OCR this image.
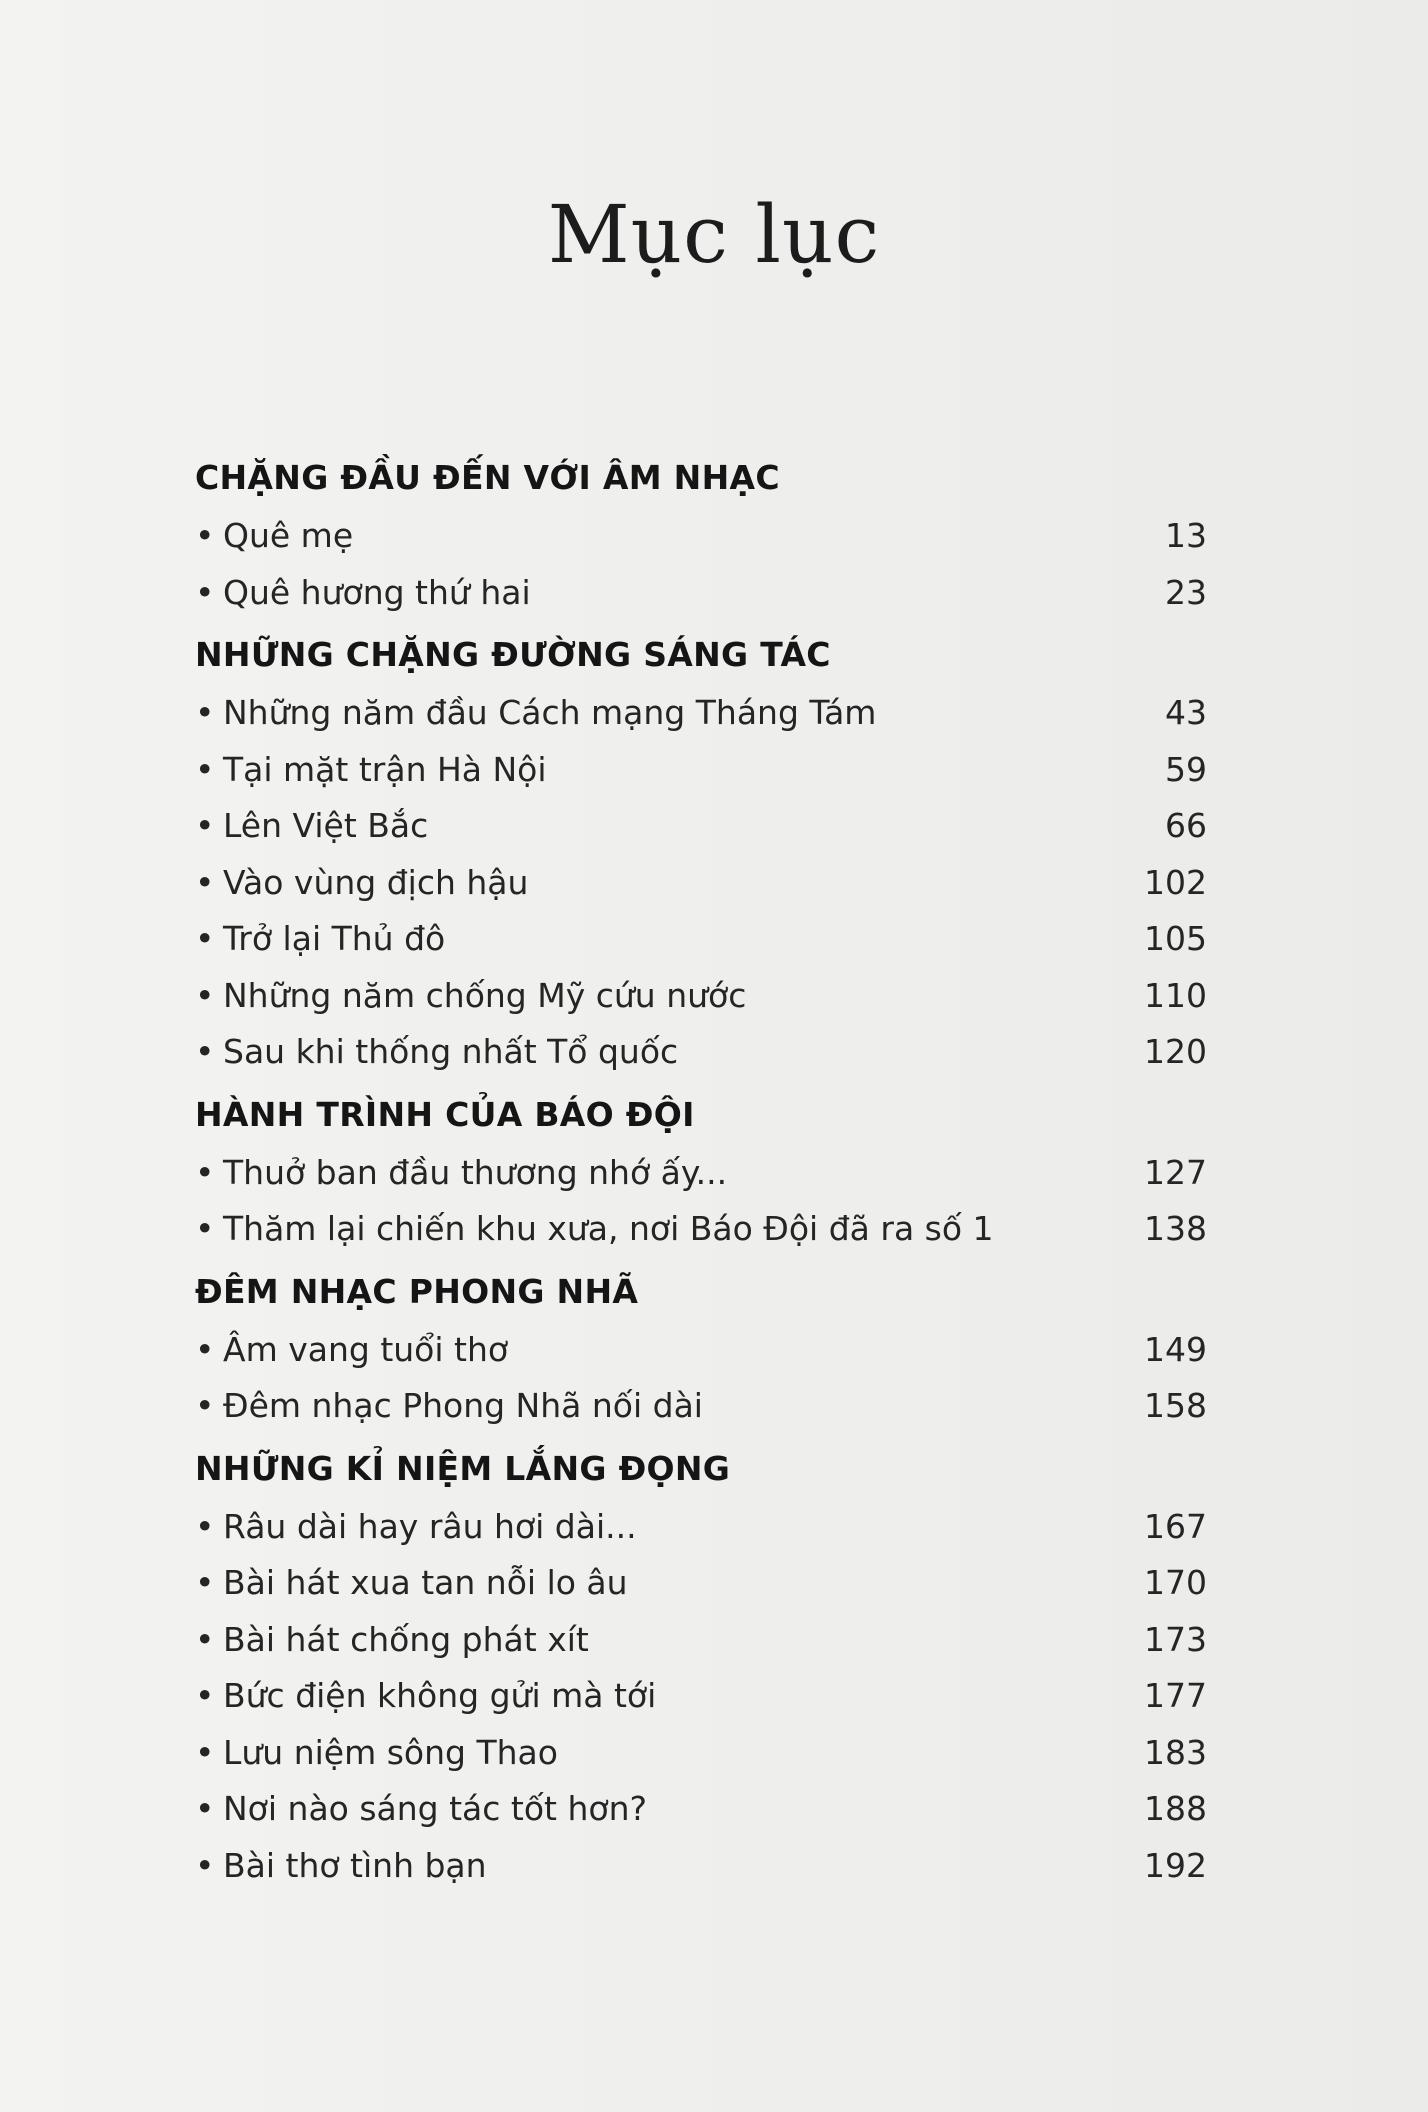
Mục lục
CHẶNG ĐẦU ĐẾN VỚI ÂM NHẠC
• Quê mẹ	13
• Quê hương thứ hai	23
NHỮNG CHẶNG ĐƯỜNG SÁNG TÁC
• Những năm đầu Cách mạng Tháng Tám	43
• Tại mặt trận Hà Nội	59
• Lên Việt Bắc	66
• Vào vùng địch hậu	102
• Trở lại Thủ đô	105
• Những năm chống Mỹ cứu nước	110
• Sau khi thống nhất Tổ quốc	120
HÀNH TRÌNH CỦA BÁO ĐỘI
• Thuở ban đầu thương nhớ ấy...	127
• Thăm lại chiến khu xưa, nơi Báo Đội đã ra số 1	138
ĐÊM NHẠC PHONG NHÃ
• Âm vang tuổi thơ	149
• Đêm nhạc Phong Nhã nối dài	158
NHỮNG KỈ NIỆM LẮNG ĐỌNG
• Râu dài hay râu hơi dài...	167
• Bài hát xua tan nỗi lo âu	170
• Bài hát chống phát xít	173
• Bức điện không gửi mà tới	177
• Lưu niệm sông Thao	183
• Nơi nào sáng tác tốt hơn?	188
• Bài thơ tình bạn	192
